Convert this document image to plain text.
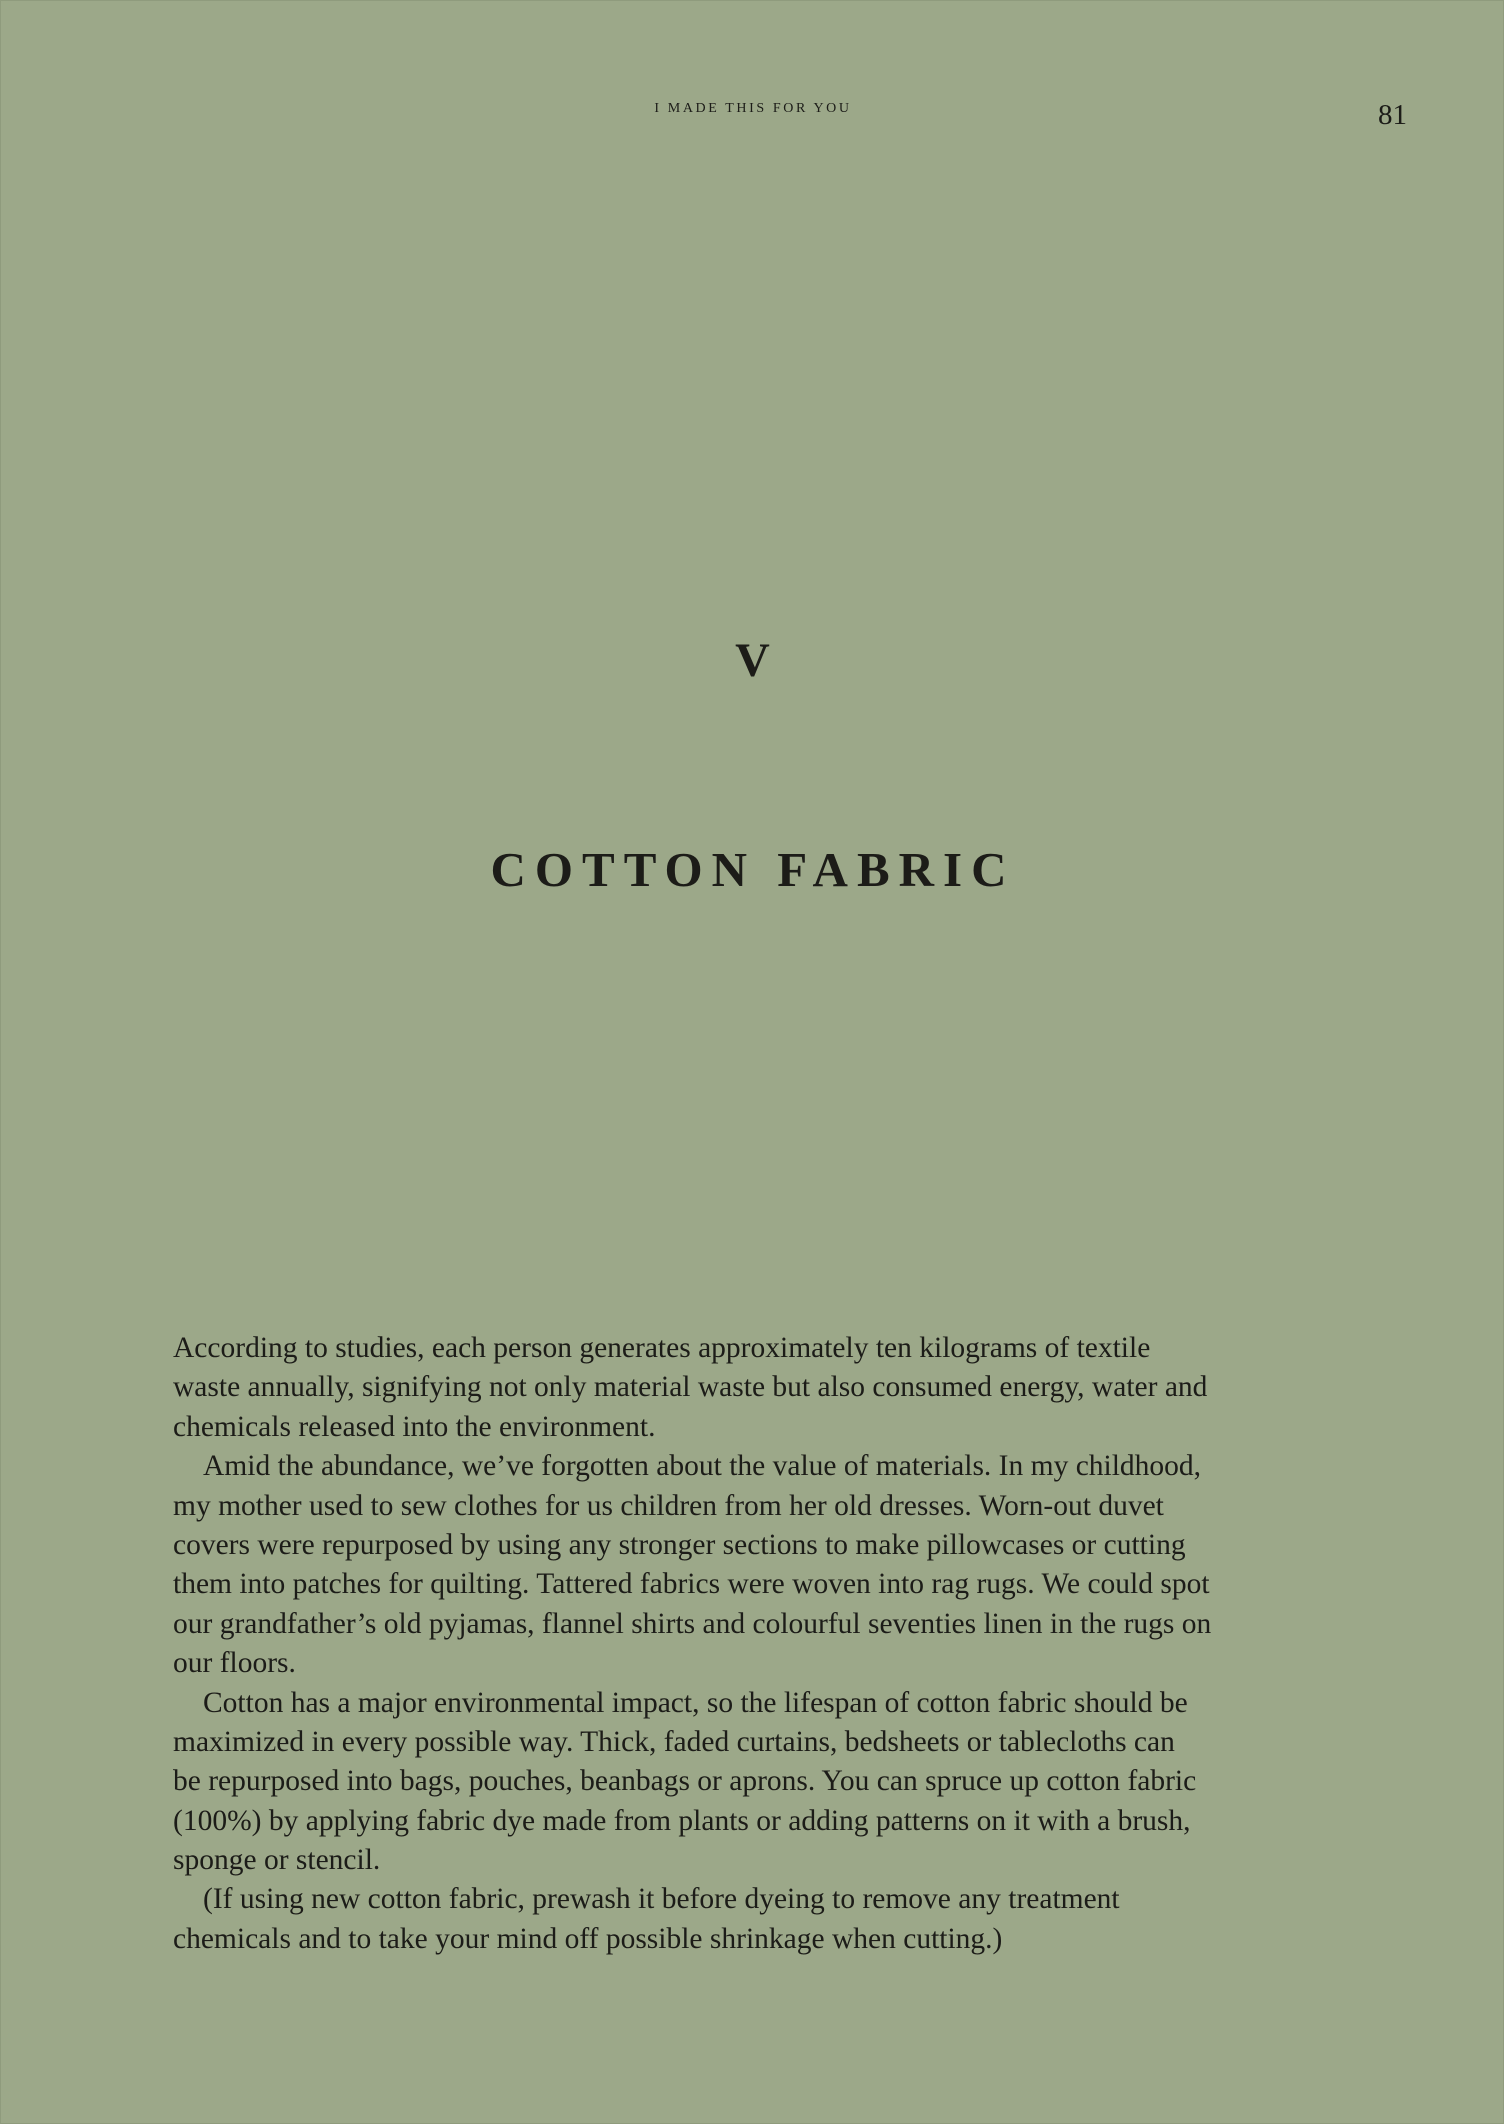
I MADE THIS FOR YOU	81
V
COTTON FABRIC
According to studies, each person generates approximately ten kilograms of textile
waste annually, signifying not only material waste but also consumed energy, water and
chemicals released into the environment.
Amid the abundance, we’ve forgotten about the value of materials. In my childhood,
my mother used to sew clothes for us children from her old dresses. Worn-out duvet
covers were repurposed by using any stronger sections to make pillowcases or cutting
them into patches for quilting. Tattered fabrics were woven into rag rugs. We could spot
our grandfather’s old pyjamas, flannel shirts and colourful seventies linen in the rugs on
our floors.
Cotton has a major environmental impact, so the lifespan of cotton fabric should be
maximized in every possible way. Thick, faded curtains, bedsheets or tablecloths can
be repurposed into bags, pouches, beanbags or aprons. You can spruce up cotton fabric
(100%) by applying fabric dye made from plants or adding patterns on it with a brush,
sponge or stencil.
(If using new cotton fabric, prewash it before dyeing to remove any treatment
chemicals and to take your mind off possible shrinkage when cutting.)
